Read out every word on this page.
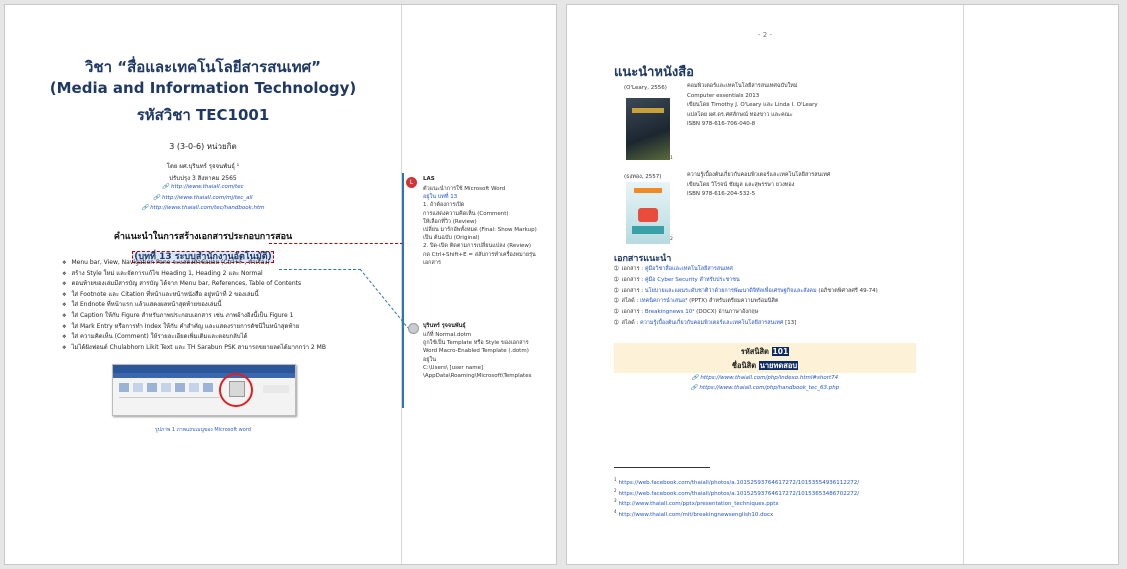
วิชา “สื่อและเทคโนโลยีสารสนเทศ”
(Media and Information Technology)
รหัสวิชา TEC1001
3 (3-0-6) หน่วยกิต
โดย ผศ.บุรินทร์ รุจจนพันธุ์ ¹
ปรับปรุง 3 สิงหาคม 2565
🔗 http://www.thaiall.com/tec
🔗 http://www.thaiall.com/mj/tec_all
🔗 http://www.thaiall.com/tec/handbook.htm
คำแนะนำในการสร้างเอกสารประกอบการสอน
(บทที่ 13 ระบบสำนักงานอัตโนมัติ)
❖ Menu bar, View, Navigation Pane จะแสดงหัวข้อย่อย (Ctrl+F , หัวเรื่อง)
❖ สร้าง Style ใหม่ และจัดการแก้ไข Heading 1, Heading 2 และ Normal
❖ ตอนท้ายของเล่มมีสารบัญ สารบัญ ได้จาก Menu bar, References, Table of Contents
❖ ใส่ Footnote และ Citation ที่หน้าและหน้าหนังสือ อยู่หน้าที่ 2 ของเล่มนี้
❖ ใส่ Endnote ที่หน้าแรก แล้วแสดงผลหน้าสุดท้ายของเล่มนี้
❖ ใส่ Caption ให้กับ Figure สำหรับภาพประกอบเอกสาร เช่น ภาพอ้างอิงนี้เป็น Figure 1
❖ ใส่ Mark Entry หรือการทำ Index ให้กับ คำสำคัญ และแสดงรายการดัชนีในหน้าสุดท้าย
❖ ใส่ ความคิดเห็น (Comment) ให้รายละเอียดเพิ่มเติมและตอบกลับได้
❖ ไม่ได้ฝังฟอนต์ Chulabhorn Likit Text และ TH Sarabun PSK สามารถขยายลดได้มากกว่า 2 MB
รูปภาพ 1 ภาพแถบเมนูของ Microsoft word
L	LAS
ตัวแนะนำการใช้ Microsoft Word
อยู่ใน บทที่ 13
1. ถ้าต้องการเปิด
การแสดงความคิดเห็น (Comment)
ให้เลือกที่วิว (Review)
เปลี่ยน มาร์กอัพทั้งหมด (Final: Show Markup)
เป็น ต้นฉบับ (Original)
2. ปิด-เปิด ติดตามการเปลี่ยนแปลง (Review)
กด Ctrl+Shift+E = สลับการทำเครื่องหมายรุ่น
เอกสาร
บุรินทร์ รุจจนพันธุ์
แก้ที่ Normal.dotm
ถูกใช้เป็น Template หรือ Style ของเอกสาร
Word Macro-Enabled Template (.dotm)
อยู่ใน
C:\Users\ [user name]
\AppData\Roaming\Microsoft\Templates
- 2 -
แนะนำหนังสือ
(O'Leary, 2556)
1
คอมพิวเตอร์และเทคโนโลยีสารสนเทศฉบับใหม่
Computer essentials 2013
เขียนโดย Timothy J. O'Leary และ Linda I. O'Leary
แปลโดย ผศ.ดร.ศศลักษณ์ ทองขาว และคณะ
ISBN 978-616-706-040-8
(ธงทอง, 2557)
2
ความรู้เบื้องต้นเกี่ยวกับคอมพิวเตอร์และเทคโนโลยีสารสนเทศ
เขียนโดย วิโรจน์ ชัยมูล และสุพรรษา ยวงทอง
ISBN 978-616-204-532-5
เอกสารแนะนำ
➀ เอกสาร : คู่มือวิชาสื่อและเทคโนโลยีสารสนเทศ
➀ เอกสาร : คู่มือ Cyber Security สำหรับประชาชน
➀ เอกสาร : นโยบายและแผนระดับชาติว่าด้วยการพัฒนาดิจิทัลเพื่อเศรษฐกิจและสังคม (อภิชาตพิศาลศรี 49-74)
➀ สไลด์ : เทคนิคการนำเสนอ³ (PPTX) สำหรับเตรียมความพร้อมนิสิต
➀ เอกสาร : Breakingnews 10⁴ (DOCX) อ่านภาษาอังกฤษ
➀ สไลด์ : ความรู้เบื้องต้นเกี่ยวกับคอมพิวเตอร์และเทคโนโลยีสารสนเทศ [13]
รหัสนิสิต 101
ชื่อนิสิต นายทดสอบ
🔗 https://www.thaiall.com/php/indexo.html#short74
🔗 https://www.thaiall.com/php/handbook_tec_63.php
$^1$https://web.facebook.com/thaiall/photos/a.10152593764617272/10153554936112272/
$^2$https://web.facebook.com/thaiall/photos/a.10152593764617272/10153653486702272/
$^3$http://www.thaiall.com/pptx/presentation_techniques.pptx
$^4$http://www.thaiall.com/mit/breakingnewsenglish10.docx
